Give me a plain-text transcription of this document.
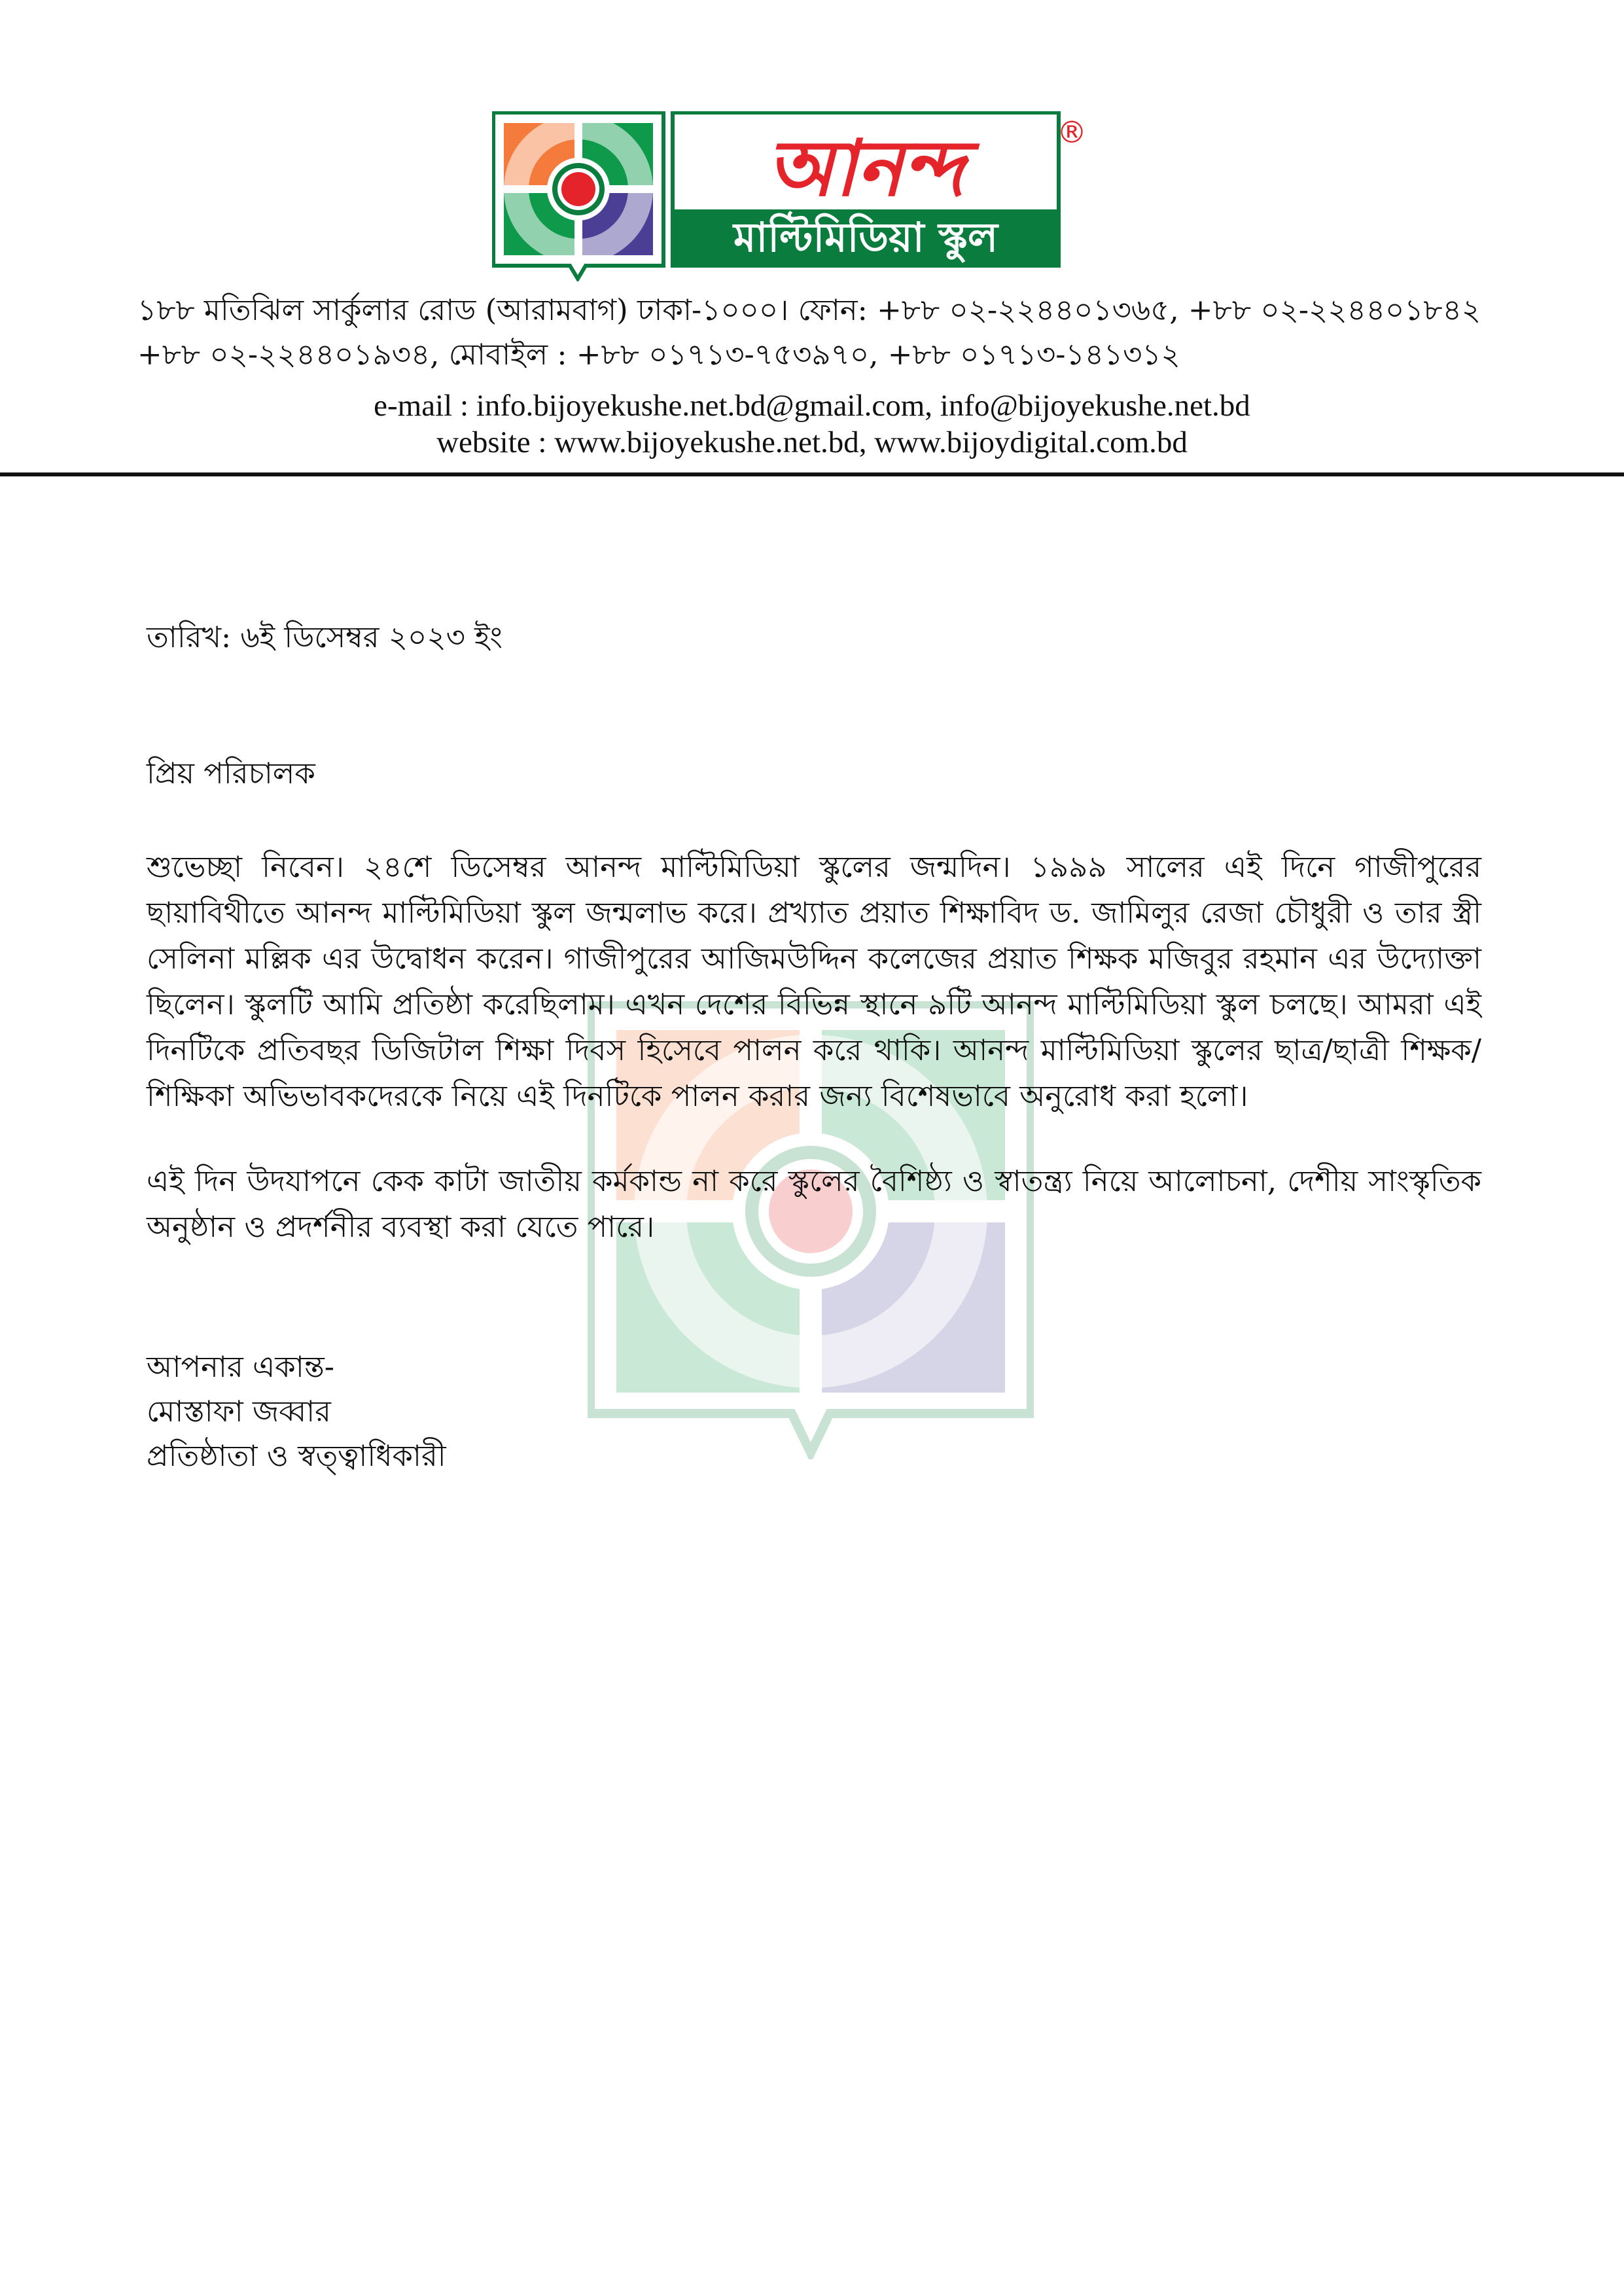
আনন্দ
মাল্টিমিডিয়া স্কুল
®
১৮৮ মতিঝিল সার্কুলার রোড (আরামবাগ) ঢাকা-১০০০। ফোন: +৮৮ ০২-২২৪৪০১৩৬৫, +৮৮ ০২-২২৪৪০১৮৪২
+৮৮ ০২-২২৪৪০১৯৩৪, মোবাইল : +৮৮ ০১৭১৩-৭৫৩৯৭০, +৮৮ ০১৭১৩-১৪১৩১২
e-mail : info.bijoyekushe.net.bd@gmail.com, info@bijoyekushe.net.bd
website : www.bijoyekushe.net.bd, www.bijoydigital.com.bd
তারিখ: ৬ই ডিসেম্বর ২০২৩ ইং
প্রিয় পরিচালক
শুভেচ্ছা নিবেন। ২৪শে ডিসেম্বর আনন্দ মাল্টিমিডিয়া স্কুলের জন্মদিন। ১৯৯৯ সালের এই দিনে গাজীপুরের ছায়াবিথীতে আনন্দ মাল্টিমিডিয়া স্কুল জন্মলাভ করে। প্রখ্যাত প্রয়াত শিক্ষাবিদ ড. জামিলুর রেজা চৌধুরী ও তার স্ত্রী সেলিনা মল্লিক এর উদ্বোধন করেন। গাজীপুরের আজিমউদ্দিন কলেজের প্রয়াত শিক্ষক মজিবুর রহমান এর উদ্যোক্তা ছিলেন। স্কুলটি আমি প্রতিষ্ঠা করেছিলাম। এখন দেশের বিভিন্ন স্থানে ৯টি আনন্দ মাল্টিমিডিয়া স্কুল চলছে। আমরা এই দিনটিকে প্রতিবছর ডিজিটাল শিক্ষা দিবস হিসেবে পালন করে থাকি। আনন্দ মাল্টিমিডিয়া স্কুলের ছাত্র/ছাত্রী শিক্ষক/শিক্ষিকা অভিভাবকদেরকে নিয়ে এই দিনটিকে পালন করার জন্য বিশেষভাবে অনুরোধ করা হলো।
এই দিন উদযাপনে কেক কাটা জাতীয় কর্মকান্ড না করে স্কুলের বৈশিষ্ঠ্য ও স্বাতন্ত্র্য নিয়ে আলোচনা, দেশীয় সাংস্কৃতিক অনুষ্ঠান ও প্রদর্শনীর ব্যবস্থা করা যেতে পারে।
আপনার একান্ত-
মোস্তাফা জব্বার
প্রতিষ্ঠাতা ও স্বত্ত্বাধিকারী
